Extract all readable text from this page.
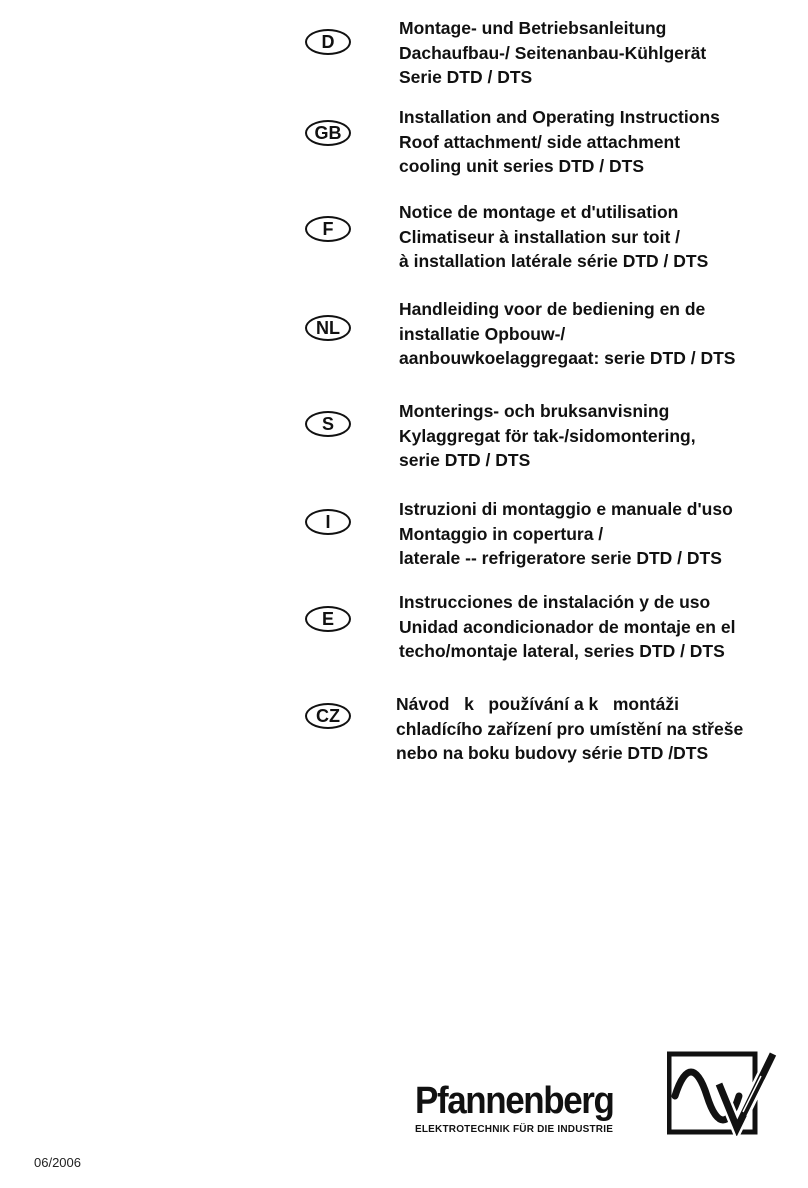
D
Montage- und Betriebsanleitung
Dachaufbau-/ Seitenanbau-Kühlgerät
Serie DTD / DTS
GB
Installation and Operating Instructions
Roof attachment/ side attachment
cooling unit series DTD / DTS
F
Notice de montage et d'utilisation
Climatiseur à installation sur toit /
à installation latérale série DTD / DTS
NL
Handleiding voor de bediening en de
installatie Opbouw-/
aanbouwkoelaggregaat: serie DTD / DTS
S
Monterings- och bruksanvisning
Kylaggregat för tak-/sidomontering,
serie DTD / DTS
I
Istruzioni di montaggio e manuale d'uso
Montaggio in copertura /
laterale -- refrigeratore serie DTD / DTS
E
Instrucciones de instalación y de uso
Unidad acondicionador de montaje en el
techo/montaje lateral, series DTD / DTS
CZ
Návod   k   používání a k   montáži
chladícího zařízení pro umístění na střeše
nebo na boku budovy série DTD /DTS
Pfannenberg
ELEKTROTECHNIK FÜR DIE INDUSTRIE
06/2006
